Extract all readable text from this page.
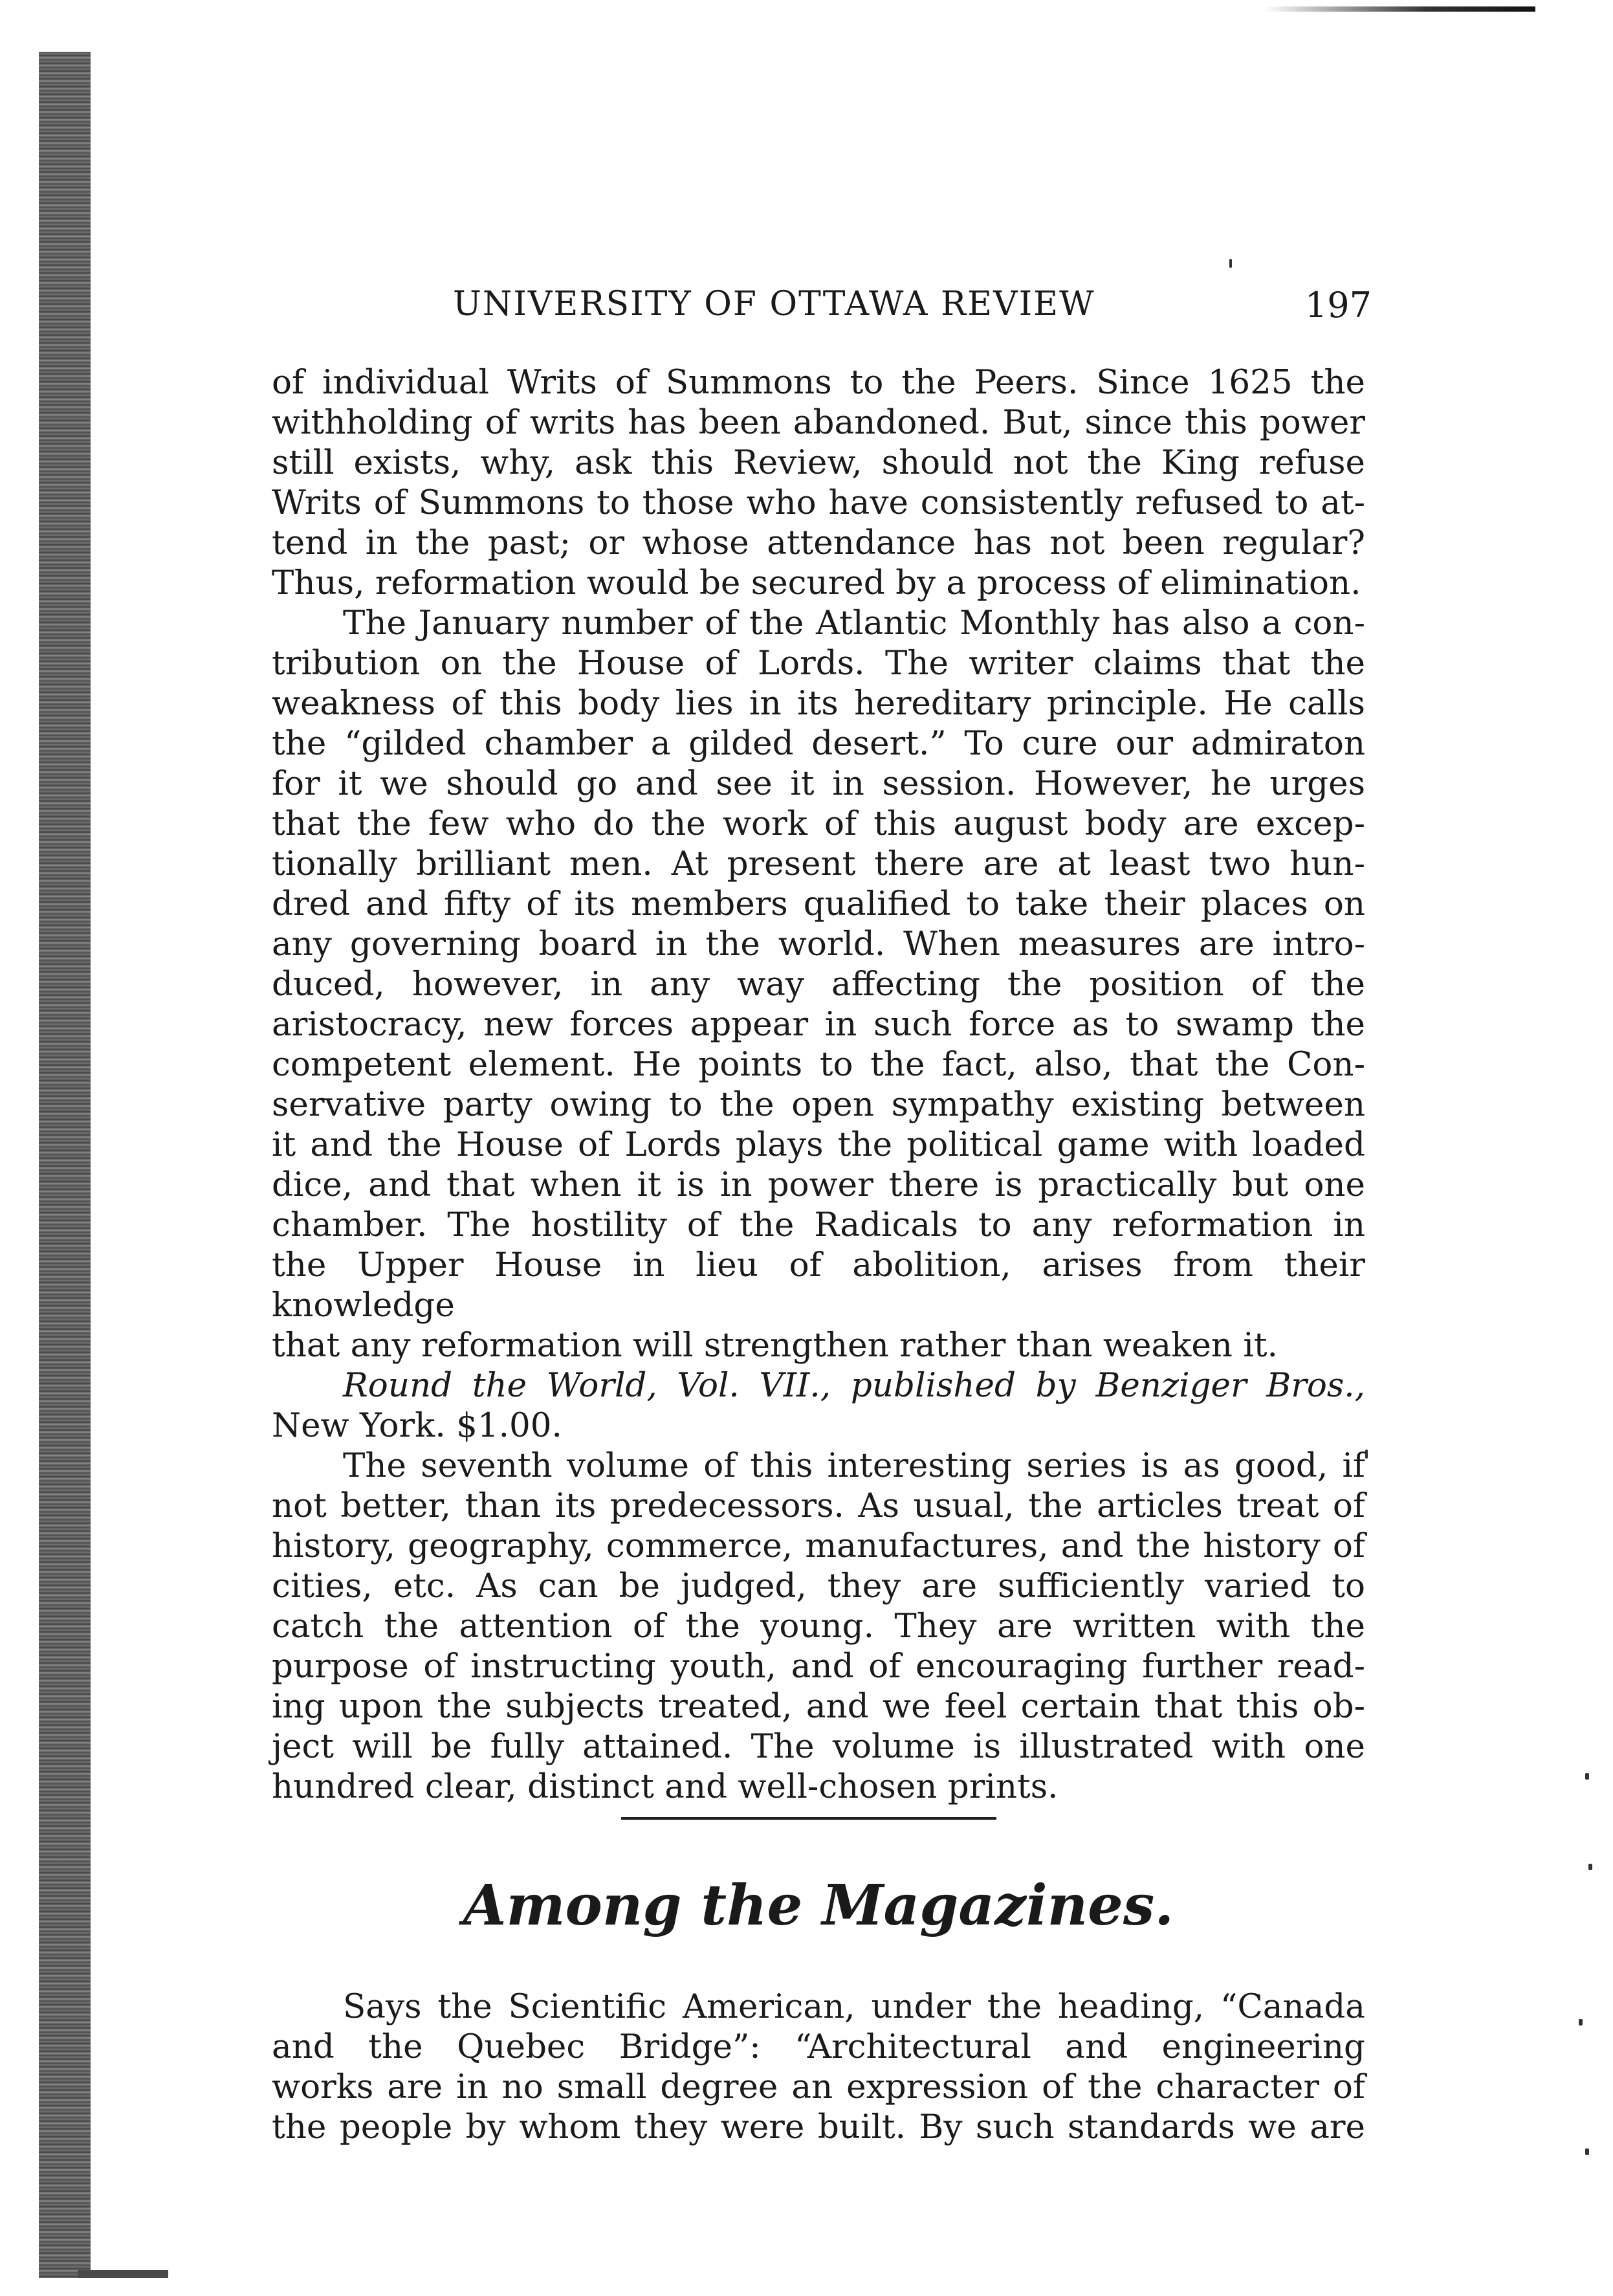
UNIVERSITY OF OTTAWA REVIEW	197

of individual Writs of Summons to the Peers. Since 1625 the

withholding of writs has been abandoned. But, since this power

still exists, why, ask this Review, should not the King refuse

Writs of Summons to those who have consistently refused to at-

tend in the past; or whose attendance has not been regular?

Thus, reformation would be secured by a process of elimination.

The January number of the Atlantic Monthly has also a con-

tribution on the House of Lords. The writer claims that the

weakness of this body lies in its hereditary principle. He calls

the “gilded chamber a gilded desert.” To cure our admiraton

for it we should go and see it in session. However, he urges

that the few who do the work of this august body are excep-

tionally brilliant men. At present there are at least two hun-

dred and fifty of its members qualified to take their places on

any governing board in the world. When measures are intro-

duced, however, in any way affecting the position of the

aristocracy, new forces appear in such force as to swamp the

competent element. He points to the fact, also, that the Con-

servative party owing to the open sympathy existing between

it and the House of Lords plays the political game with loaded

dice, and that when it is in power there is practically but one

chamber. The hostility of the Radicals to any reformation in

the Upper House in lieu of abolition, arises from their knowledge

that any reformation will strengthen rather than weaken it.

Round the World, Vol. VII., published by Benziger Bros.,

New York. $1.00.

The seventh volume of this interesting series is as good, if

not better, than its predecessors. As usual, the articles treat of

history, geography, commerce, manufactures, and the history of

cities, etc. As can be judged, they are sufficiently varied to

catch the attention of the young. They are written with the

purpose of instructing youth, and of encouraging further read-

ing upon the subjects treated, and we feel certain that this ob-

ject will be fully attained. The volume is illustrated with one

hundred clear, distinct and well-chosen prints.

Among the Magazines.

Says the Scientific American, under the heading, “Canada

and the Quebec Bridge”: “Architectural and engineering

works are in no small degree an expression of the character of

the people by whom they were built. By such standards we are
